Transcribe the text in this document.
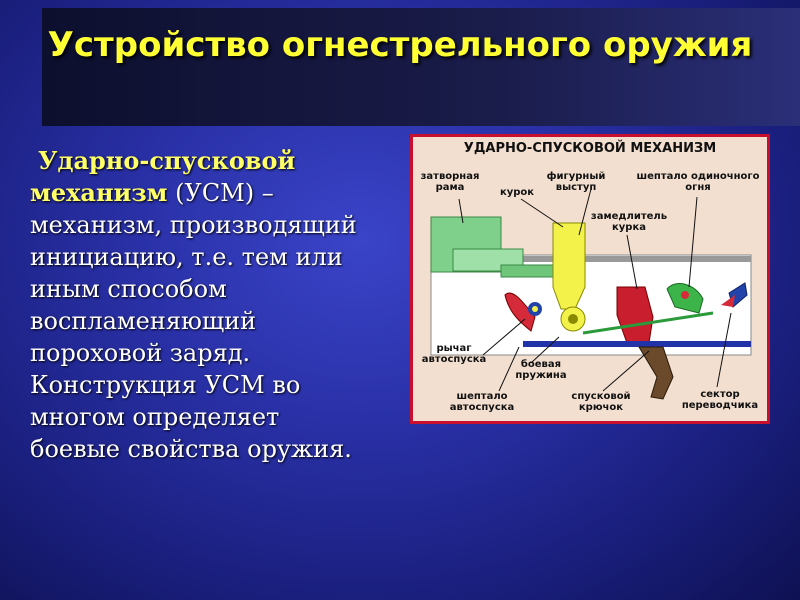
Устройство огнестрельного оружия
Ударно-спусковой механизм (УСМ) – механизм, производящий инициацию, т.е. тем или иным способом воспламеняющий пороховой заряд. Конструкция УСМ во многом определяет боевые свойства оружия.
УДАРНО-СПУСКОВОЙ МЕХАНИЗМ
затворная рама	курок
фигурный выступ
шептало одиночного огня
замедлитель курка
рычаг автоспуска	боевая пружина
шептало автоспуска
спусковой крючок
сектор переводчика
